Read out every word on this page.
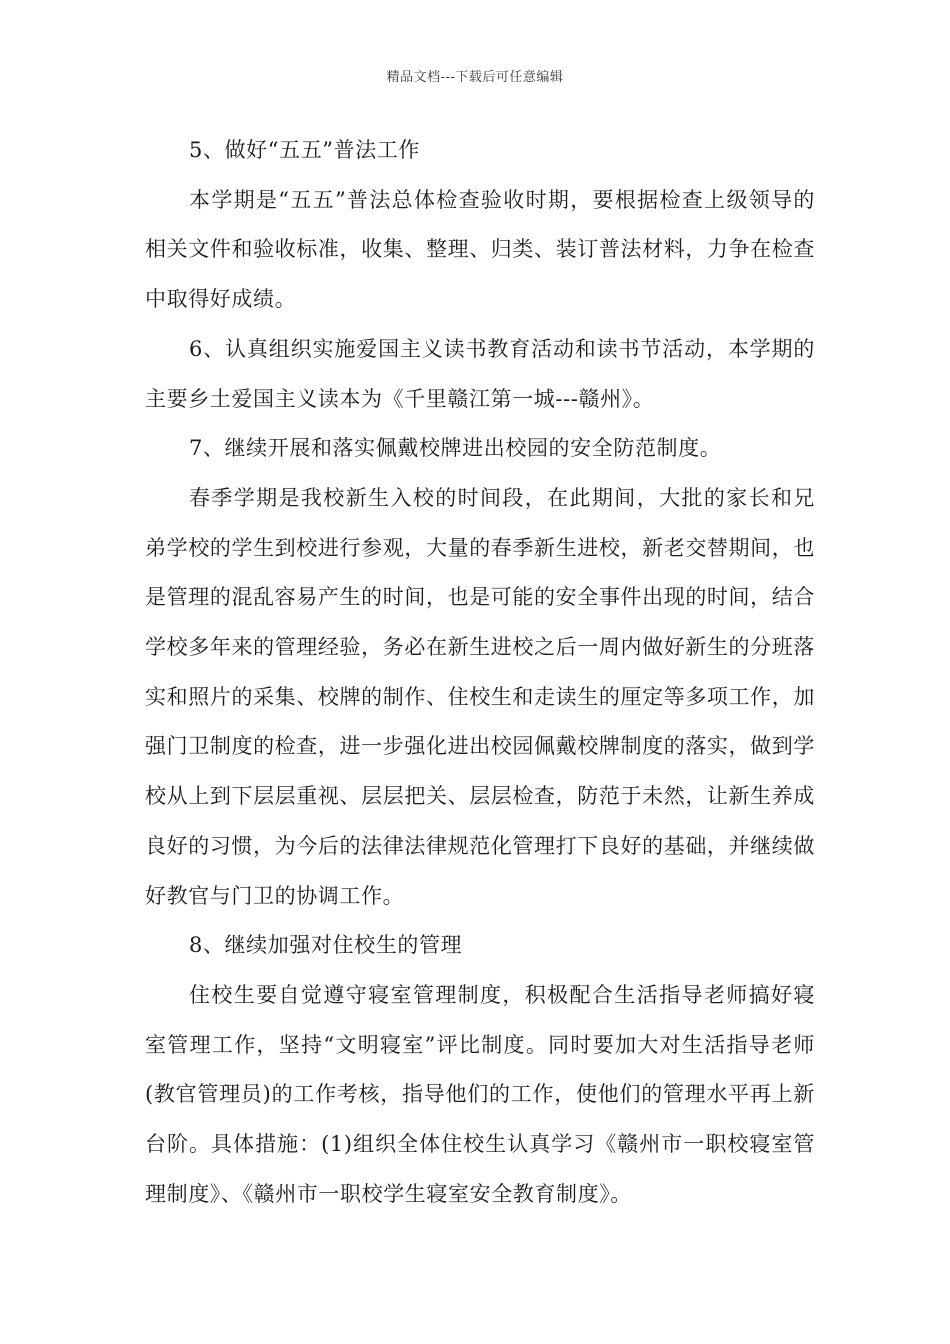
精品文档---下载后可任意编辑

5、做好“五五”普法工作

本学期是“五五”普法总体检查验收时期，要根据检查上级领导的相关文件和验收标准，收集、整理、归类、装订普法材料，力争在检查中取得好成绩。

6、认真组织实施爱国主义读书教育活动和读书节活动，本学期的主要乡土爱国主义读本为《千里赣江第一城---赣州》。

7、继续开展和落实佩戴校牌进出校园的安全防范制度。

春季学期是我校新生入校的时间段，在此期间，大批的家长和兄弟学校的学生到校进行参观，大量的春季新生进校，新老交替期间，也是管理的混乱容易产生的时间，也是可能的安全事件出现的时间，结合学校多年来的管理经验，务必在新生进校之后一周内做好新生的分班落实和照片的采集、校牌的制作、住校生和走读生的厘定等多项工作，加强门卫制度的检查，进一步强化进出校园佩戴校牌制度的落实，做到学校从上到下层层重视、层层把关、层层检查，防范于未然，让新生养成良好的习惯，为今后的法律法律规范化管理打下良好的基础，并继续做好教官与门卫的协调工作。

8、继续加强对住校生的管理

住校生要自觉遵守寝室管理制度，积极配合生活指导老师搞好寝室管理工作，坚持“文明寝室”评比制度。同时要加大对生活指导老师(教官管理员)的工作考核，指导他们的工作，使他们的管理水平再上新台阶。具体措施：(1)组织全体住校生认真学习《赣州市一职校寝室管理制度》、《赣州市一职校学生寝室安全教育制度》。
